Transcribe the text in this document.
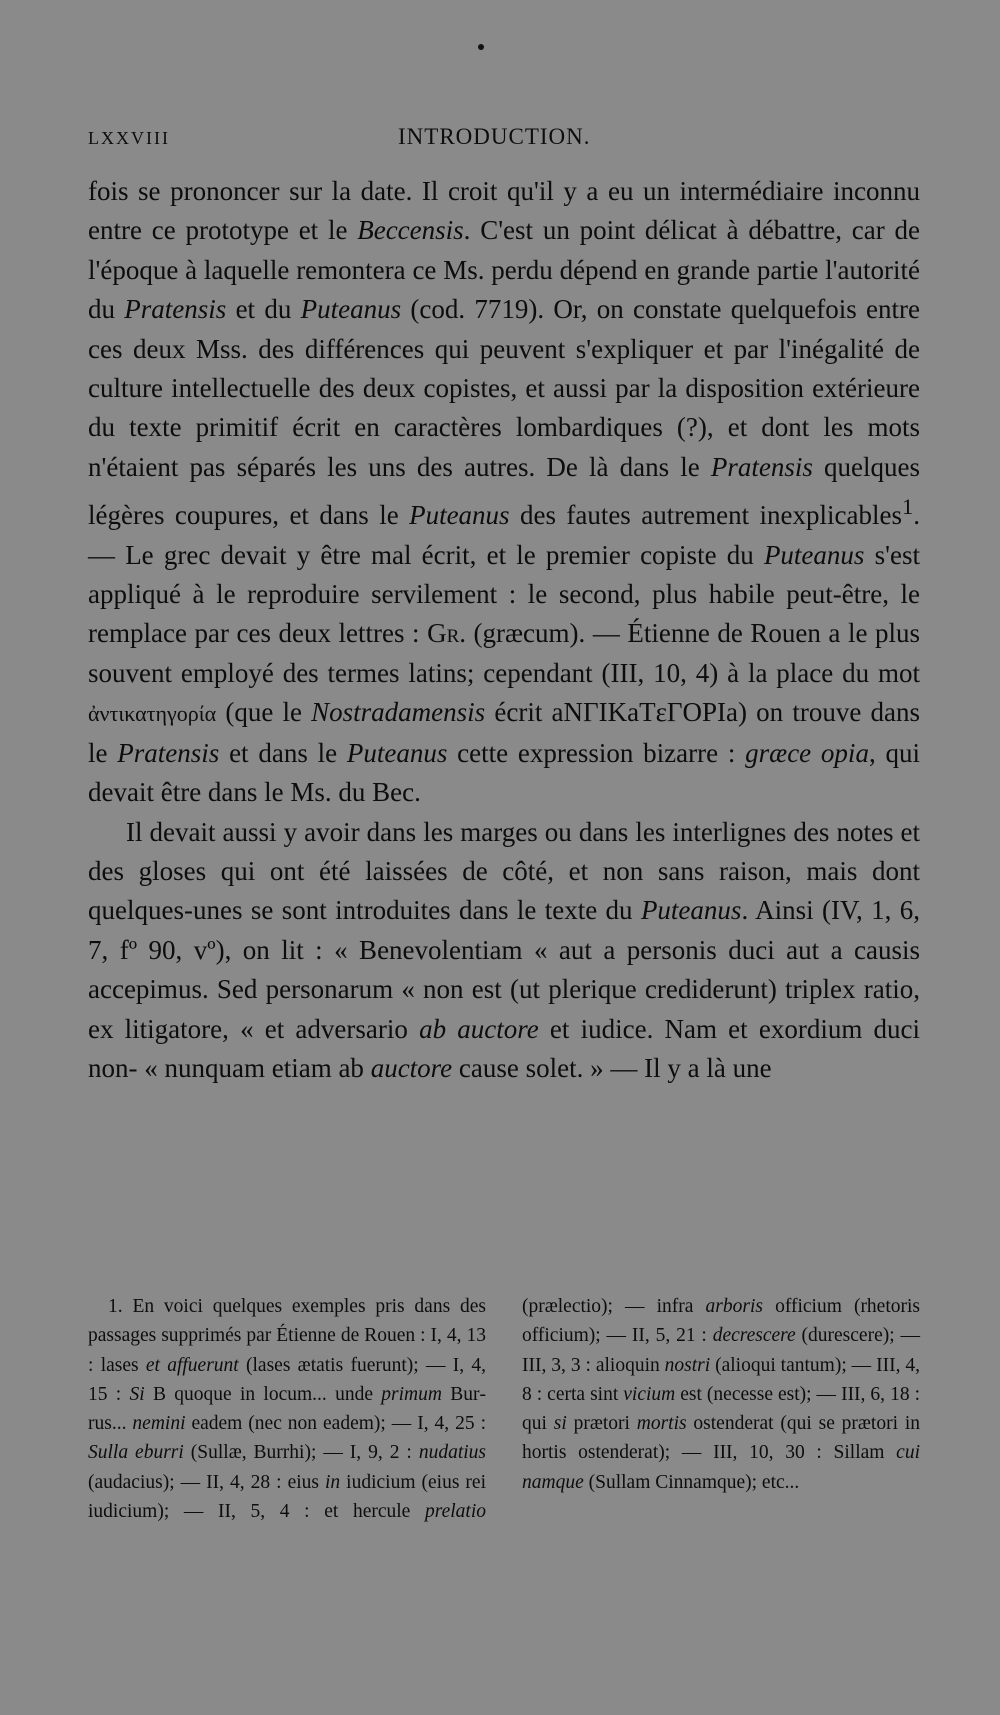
LXXVIII	INTRODUCTION.

fois se prononcer sur la date. Il croit qu'il y a eu un intermédiaire inconnu entre ce prototype et le Beccensis. C'est un point délicat à débattre, car de l'époque à laquelle remontera ce Ms. perdu dépend en grande partie l'autorité du Pratensis et du Puteanus (cod. 7719). Or, on constate quelquefois entre ces deux Mss. des différences qui peuvent s'expliquer et par l'inégalité de culture intellectuelle des deux copistes, et aussi par la disposition extérieure du texte primitif écrit en caractères lombardiques (?), et dont les mots n'étaient pas séparés les uns des autres. De là dans le Pratensis quelques légères coupures, et dans le Puteanus des fautes autrement inexplicables$^1$. — Le grec devait y être mal écrit, et le premier copiste du Puteanus s'est appliqué à le reproduire servilement : le second, plus habile peut-être, le remplace par ces deux lettres : Gr. (græcum). — Étienne de Rouen a le plus souvent employé des termes latins; cependant (III, 10, 4) à la place du mot ἀντικατηγορία (que le Nostradamensis écrit aNΓIKaTεΓOPIa) on trouve dans le Pratensis et dans le Puteanus cette expression bizarre : græce opia, qui devait être dans le Ms. du Bec.

Il devait aussi y avoir dans les marges ou dans les interlignes des notes et des gloses qui ont été laissées de côté, et non sans raison, mais dont quelques-unes se sont introduites dans le texte du Puteanus. Ainsi (IV, 1, 6, 7, fº 90, vº), on lit : « Benevolentiam « aut a personis duci aut a causis accepimus. Sed personarum « non est (ut plerique crediderunt) triplex ratio, ex litigatore, « et adversario ab auctore et iudice. Nam et exordium duci non- « nunquam etiam ab auctore cause solet. » — Il y a là une

1. En voici quelques exemples pris dans des passages supprimés par Étienne de Rouen : I, 4, 13 : lases et affuerunt (lases ætatis fuerunt); — I, 4, 15 : Si B quoque in locum... unde primum Burrus... nemini eadem (nec non eadem); — I, 4, 25 : Sulla eburri (Sullæ, Burrhi); — I, 9, 2 : nudatius (audacius); — II, 4, 28 : eius in iudicium (eius rei iudicium); — II, 5, 4 : et hercule prelatio (prælectio); — infra arboris officium (rhetoris officium); — II, 5, 21 : decrescere (durescere); — III, 3, 3 : alioquin nostri (alioqui tantum); — III, 4, 8 : certa sint vicium est (necesse est); — III, 6, 18 : qui si prætori mortis ostenderat (qui se prætori in hortis ostenderat); — III, 10, 30 : Sillam cui namque (Sullam Cinnamque); etc...
